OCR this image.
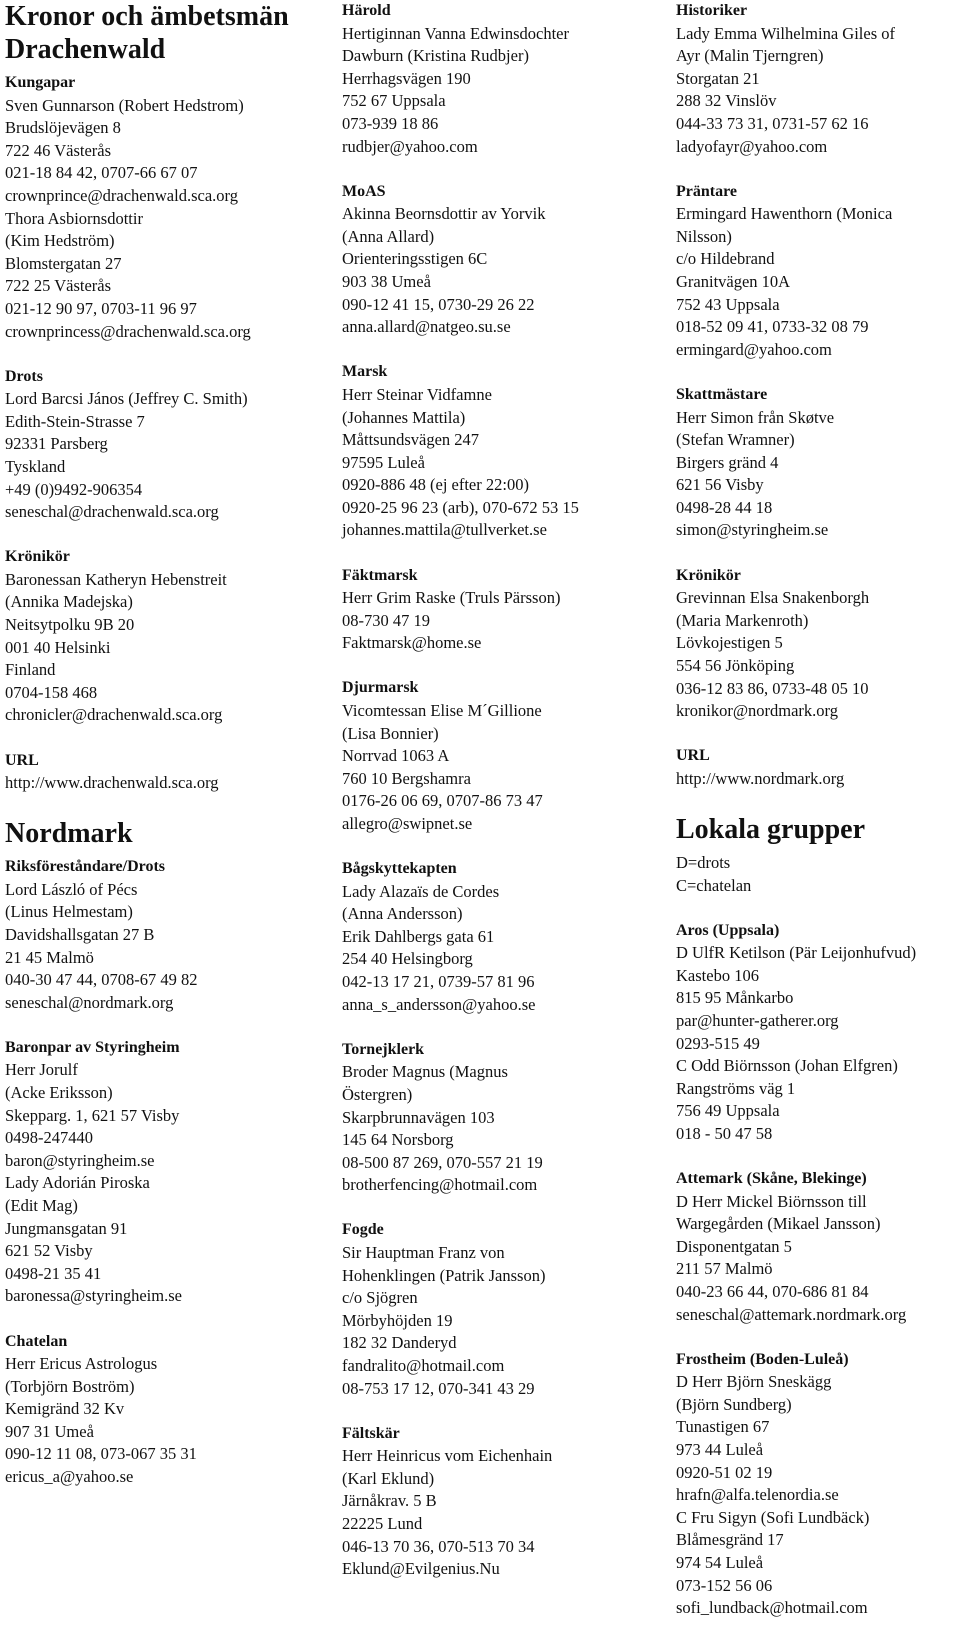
Kronor och ämbetsmän
Drachenwald
Kungapar
Sven Gunnarson (Robert Hedstrom)
Brudslöjevägen 8
722 46 Västerås
021-18 84 42, 0707-66 67 07
crownprince@drachenwald.sca.org
Thora Asbiornsdottir
(Kim Hedström)
Blomstergatan 27
722 25 Västerås
021-12 90 97, 0703-11 96 97
crownprincess@drachenwald.sca.org
Drots
Lord Barcsi János (Jeffrey C. Smith)
Edith-Stein-Strasse 7
92331 Parsberg
Tyskland
+49 (0)9492-906354
seneschal@drachenwald.sca.org
Krönikör
Baronessan Katheryn Hebenstreit
(Annika Madejska)
Neitsytpolku 9B 20
001 40 Helsinki
Finland
0704-158 468
chronicler@drachenwald.sca.org
URL
http://www.drachenwald.sca.org
Nordmark
Riksföreståndare/Drots
Lord László of Pécs
(Linus Helmestam)
Davidshallsgatan 27 B
21 45 Malmö
040-30 47 44, 0708-67 49 82
seneschal@nordmark.org
Baronpar av Styringheim
Herr Jorulf
(Acke Eriksson)
Skepparg. 1, 621 57 Visby
0498-247440
baron@styringheim.se
Lady Adorián Piroska
(Edit Mag)
Jungmansgatan 91
621 52 Visby
0498-21 35 41
baronessa@styringheim.se
Chatelan
Herr Ericus Astrologus
(Torbjörn Boström)
Kemigränd 32 Kv
907 31 Umeå
090-12 11 08, 073-067 35 31
ericus_a@yahoo.se
Härold
Hertiginnan Vanna Edwinsdochter
Dawburn (Kristina Rudbjer)
Herrhagsvägen 190
752 67 Uppsala
073-939 18 86
rudbjer@yahoo.com
MoAS
Akinna Beornsdottir av Yorvik
(Anna Allard)
Orienteringsstigen 6C
903 38 Umeå
090-12 41 15, 0730-29 26 22
anna.allard@natgeo.su.se
Marsk
Herr Steinar Vidfamne
(Johannes Mattila)
Måttsundsvägen 247
97595 Luleå
0920-886 48 (ej efter 22:00)
0920-25 96 23 (arb), 070-672 53 15
johannes.mattila@tullverket.se
Fäktmarsk
Herr Grim Raske (Truls Pärsson)
08-730 47 19
Faktmarsk@home.se
Djurmarsk
Vicomtessan Elise M´Gillione
(Lisa Bonnier)
Norrvad 1063 A
760 10 Bergshamra
0176-26 06 69, 0707-86 73 47
allegro@swipnet.se
Bågskyttekapten
Lady Alazaïs de Cordes
(Anna Andersson)
Erik Dahlbergs gata 61
254 40 Helsingborg
042-13 17 21, 0739-57 81 96
anna_s_andersson@yahoo.se
Tornejklerk
Broder Magnus (Magnus
Östergren)
Skarpbrunnavägen 103
145 64 Norsborg
08-500 87 269, 070-557 21 19
brotherfencing@hotmail.com
Fogde
Sir Hauptman Franz von
Hohenklingen (Patrik Jansson)
c/o Sjögren
Mörbyhöjden 19
182 32 Danderyd
fandralito@hotmail.com
08-753 17 12, 070-341 43 29
Fältskär
Herr Heinricus vom Eichenhain
(Karl Eklund)
Järnåkrav. 5 B
22225 Lund
046-13 70 36, 070-513 70 34
Eklund@Evilgenius.Nu
Historiker
Lady Emma Wilhelmina Giles of
Ayr (Malin Tjerngren)
Storgatan 21
288 32 Vinslöv
044-33 73 31, 0731-57 62 16
ladyofayr@yahoo.com
Präntare
Ermingard Hawenthorn (Monica
Nilsson)
c/o Hildebrand
Granitvägen 10A
752 43 Uppsala
018-52 09 41, 0733-32 08 79
ermingard@yahoo.com
Skattmästare
Herr Simon från Skøtve
(Stefan Wramner)
Birgers gränd 4
621 56 Visby
0498-28 44 18
simon@styringheim.se
Krönikör
Grevinnan Elsa Snakenborgh
(Maria Markenroth)
Lövkojestigen 5
554 56 Jönköping
036-12 83 86, 0733-48 05 10
kronikor@nordmark.org
URL
http://www.nordmark.org
Lokala grupper
D=drots
C=chatelan
Aros (Uppsala)
D UlfR Ketilson (Pär Leijonhufvud)
Kastebo 106
815 95 Månkarbo
par@hunter-gatherer.org
0293-515 49
C Odd Biörnsson (Johan Elfgren)
Rangströms väg 1
756 49 Uppsala
018 - 50 47 58
Attemark (Skåne, Blekinge)
D Herr Mickel Biörnsson till
Wargegården (Mikael Jansson)
Disponentgatan 5
211 57 Malmö
040-23 66 44, 070-686 81 84
seneschal@attemark.nordmark.org
Frostheim (Boden-Luleå)
D Herr Björn Sneskägg
(Björn Sundberg)
Tunastigen 67
973 44 Luleå
0920-51 02 19
hrafn@alfa.telenordia.se
C Fru Sigyn (Sofi Lundbäck)
Blåmesgränd 17
974 54 Luleå
073-152 56 06
sofi_lundback@hotmail.com
